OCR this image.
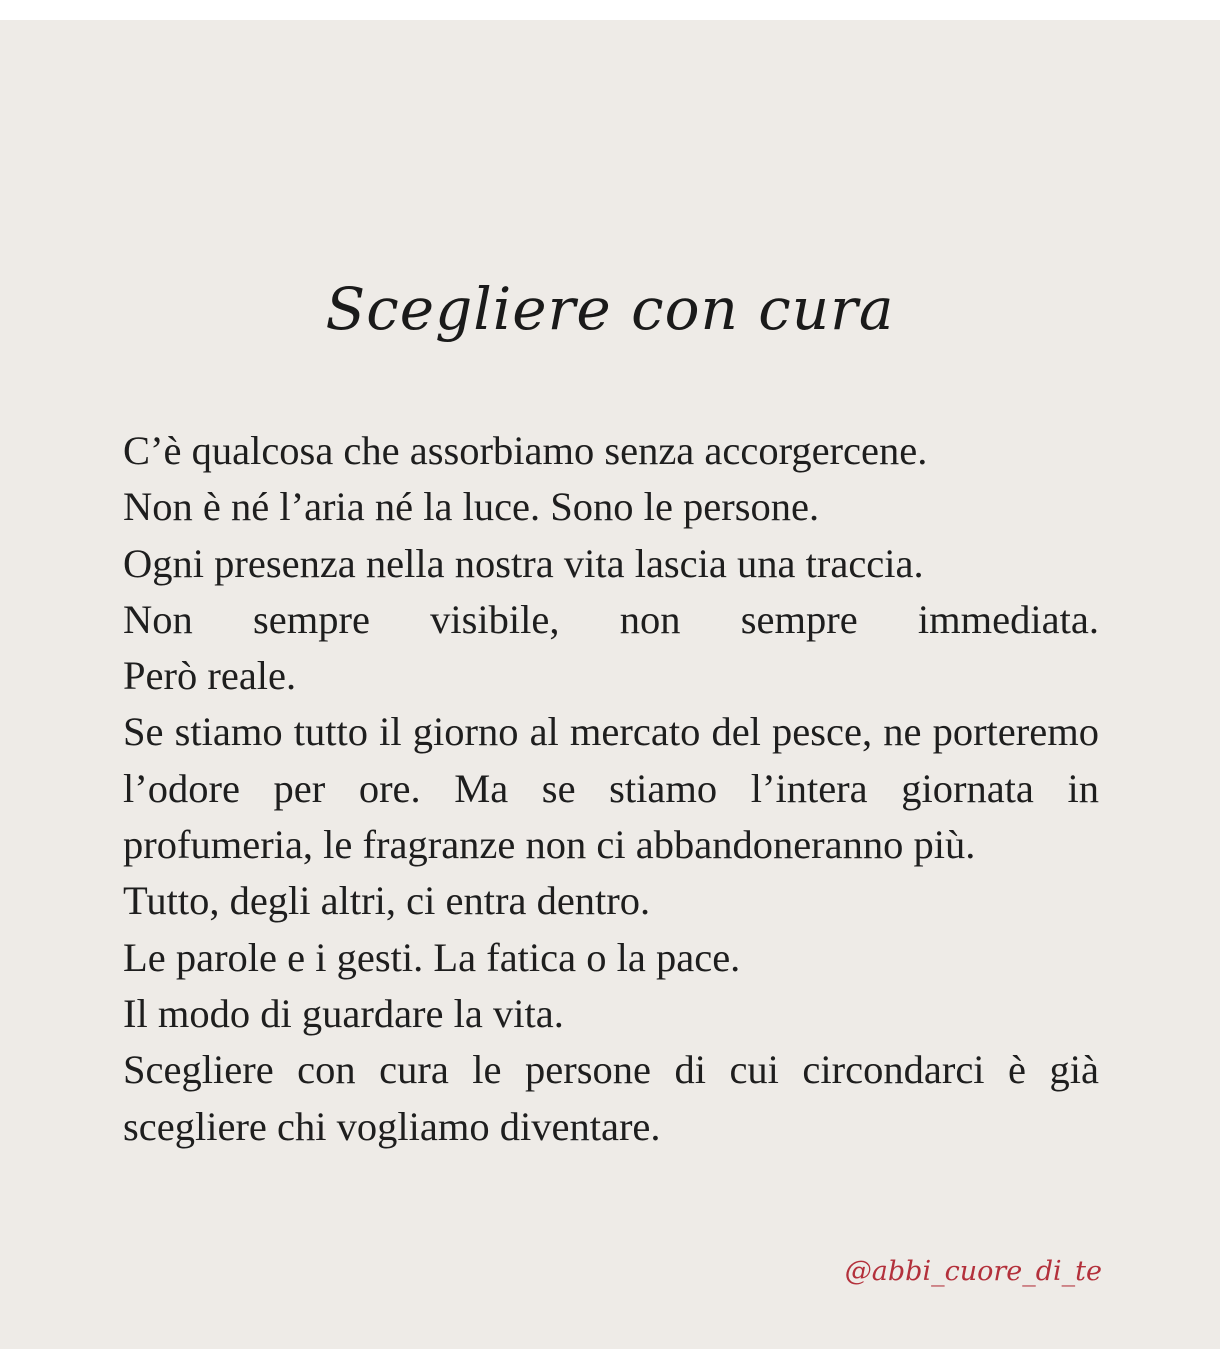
Scegliere con cura

C’è qualcosa che assorbiamo senza accorgercene.

Non è né l’aria né la luce. Sono le persone.

Ogni presenza nella nostra vita lascia una traccia.

Non sempre visibile, non sempre immediata.

Però reale.

Se stiamo tutto il giorno al mercato del pesce, ne porteremo l’odore per ore. Ma se stiamo l’intera giornata in profumeria, le fragranze non ci abbandoneranno più.

Tutto, degli altri, ci entra dentro.

Le parole e i gesti. La fatica o la pace.

Il modo di guardare la vita.

Scegliere con cura le persone di cui circondarci è già scegliere chi vogliamo diventare.

@abbi_cuore_di_te
